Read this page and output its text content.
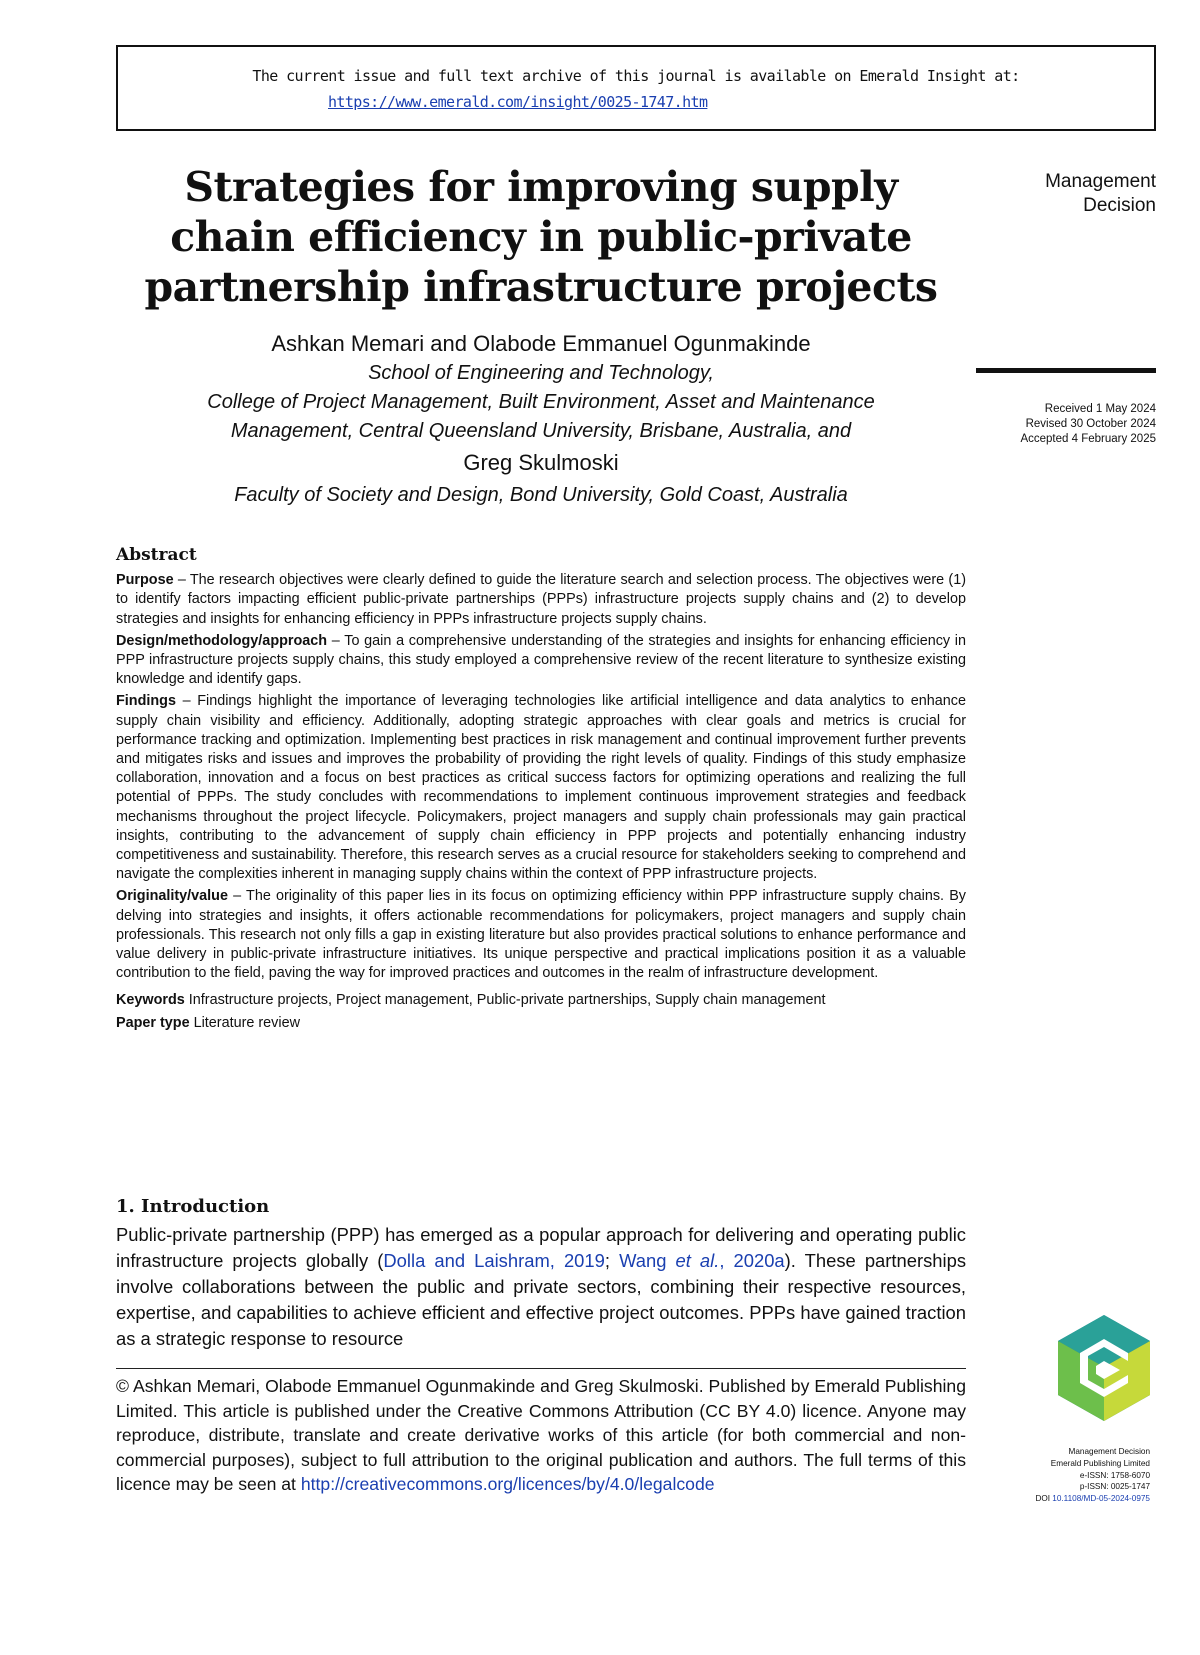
The current issue and full text archive of this journal is available on Emerald Insight at:
https://www.emerald.com/insight/0025-1747.htm
Strategies for improving supply chain efficiency in public-private partnership infrastructure projects
Management
Decision
Received 1 May 2024
Revised 30 October 2024
Accepted 4 February 2025
Ashkan Memari and Olabode Emmanuel Ogunmakinde
School of Engineering and Technology,
College of Project Management, Built Environment, Asset and Maintenance
Management, Central Queensland University, Brisbane, Australia, and
Greg Skulmoski
Faculty of Society and Design, Bond University, Gold Coast, Australia
Abstract

Purpose – The research objectives were clearly defined to guide the literature search and selection process. The objectives were (1) to identify factors impacting efficient public-private partnerships (PPPs) infrastructure projects supply chains and (2) to develop strategies and insights for enhancing efficiency in PPPs infrastructure projects supply chains.

Design/methodology/approach – To gain a comprehensive understanding of the strategies and insights for enhancing efficiency in PPP infrastructure projects supply chains, this study employed a comprehensive review of the recent literature to synthesize existing knowledge and identify gaps.

Findings – Findings highlight the importance of leveraging technologies like artificial intelligence and data analytics to enhance supply chain visibility and efficiency. Additionally, adopting strategic approaches with clear goals and metrics is crucial for performance tracking and optimization. Implementing best practices in risk management and continual improvement further prevents and mitigates risks and issues and improves the probability of providing the right levels of quality. Findings of this study emphasize collaboration, innovation and a focus on best practices as critical success factors for optimizing operations and realizing the full potential of PPPs. The study concludes with recommendations to implement continuous improvement strategies and feedback mechanisms throughout the project lifecycle. Policymakers, project managers and supply chain professionals may gain practical insights, contributing to the advancement of supply chain efficiency in PPP projects and potentially enhancing industry competitiveness and sustainability. Therefore, this research serves as a crucial resource for stakeholders seeking to comprehend and navigate the complexities inherent in managing supply chains within the context of PPP infrastructure projects.

Originality/value – The originality of this paper lies in its focus on optimizing efficiency within PPP infrastructure supply chains. By delving into strategies and insights, it offers actionable recommendations for policymakers, project managers and supply chain professionals. This research not only fills a gap in existing literature but also provides practical solutions to enhance performance and value delivery in public-private infrastructure initiatives. Its unique perspective and practical implications position it as a valuable contribution to the field, paving the way for improved practices and outcomes in the realm of infrastructure development.

Keywords Infrastructure projects, Project management, Public-private partnerships, Supply chain management

Paper type Literature review

1. Introduction
Public-private partnership (PPP) has emerged as a popular approach for delivering and operating public infrastructure projects globally (Dolla and Laishram, 2019; Wang et al., 2020a). These partnerships involve collaborations between the public and private sectors, combining their respective resources, expertise, and capabilities to achieve efficient and effective project outcomes. PPPs have gained traction as a strategic response to resource
© Ashkan Memari, Olabode Emmanuel Ogunmakinde and Greg Skulmoski. Published by Emerald Publishing Limited. This article is published under the Creative Commons Attribution (CC BY 4.0) licence. Anyone may reproduce, distribute, translate and create derivative works of this article (for both commercial and non-commercial purposes), subject to full attribution to the original publication and authors. The full terms of this licence may be seen at http://creativecommons.org/licences/by/4.0/legalcode
Management Decision
Emerald Publishing Limited
e-ISSN: 1758-6070
p-ISSN: 0025-1747
DOI 10.1108/MD-05-2024-0975
